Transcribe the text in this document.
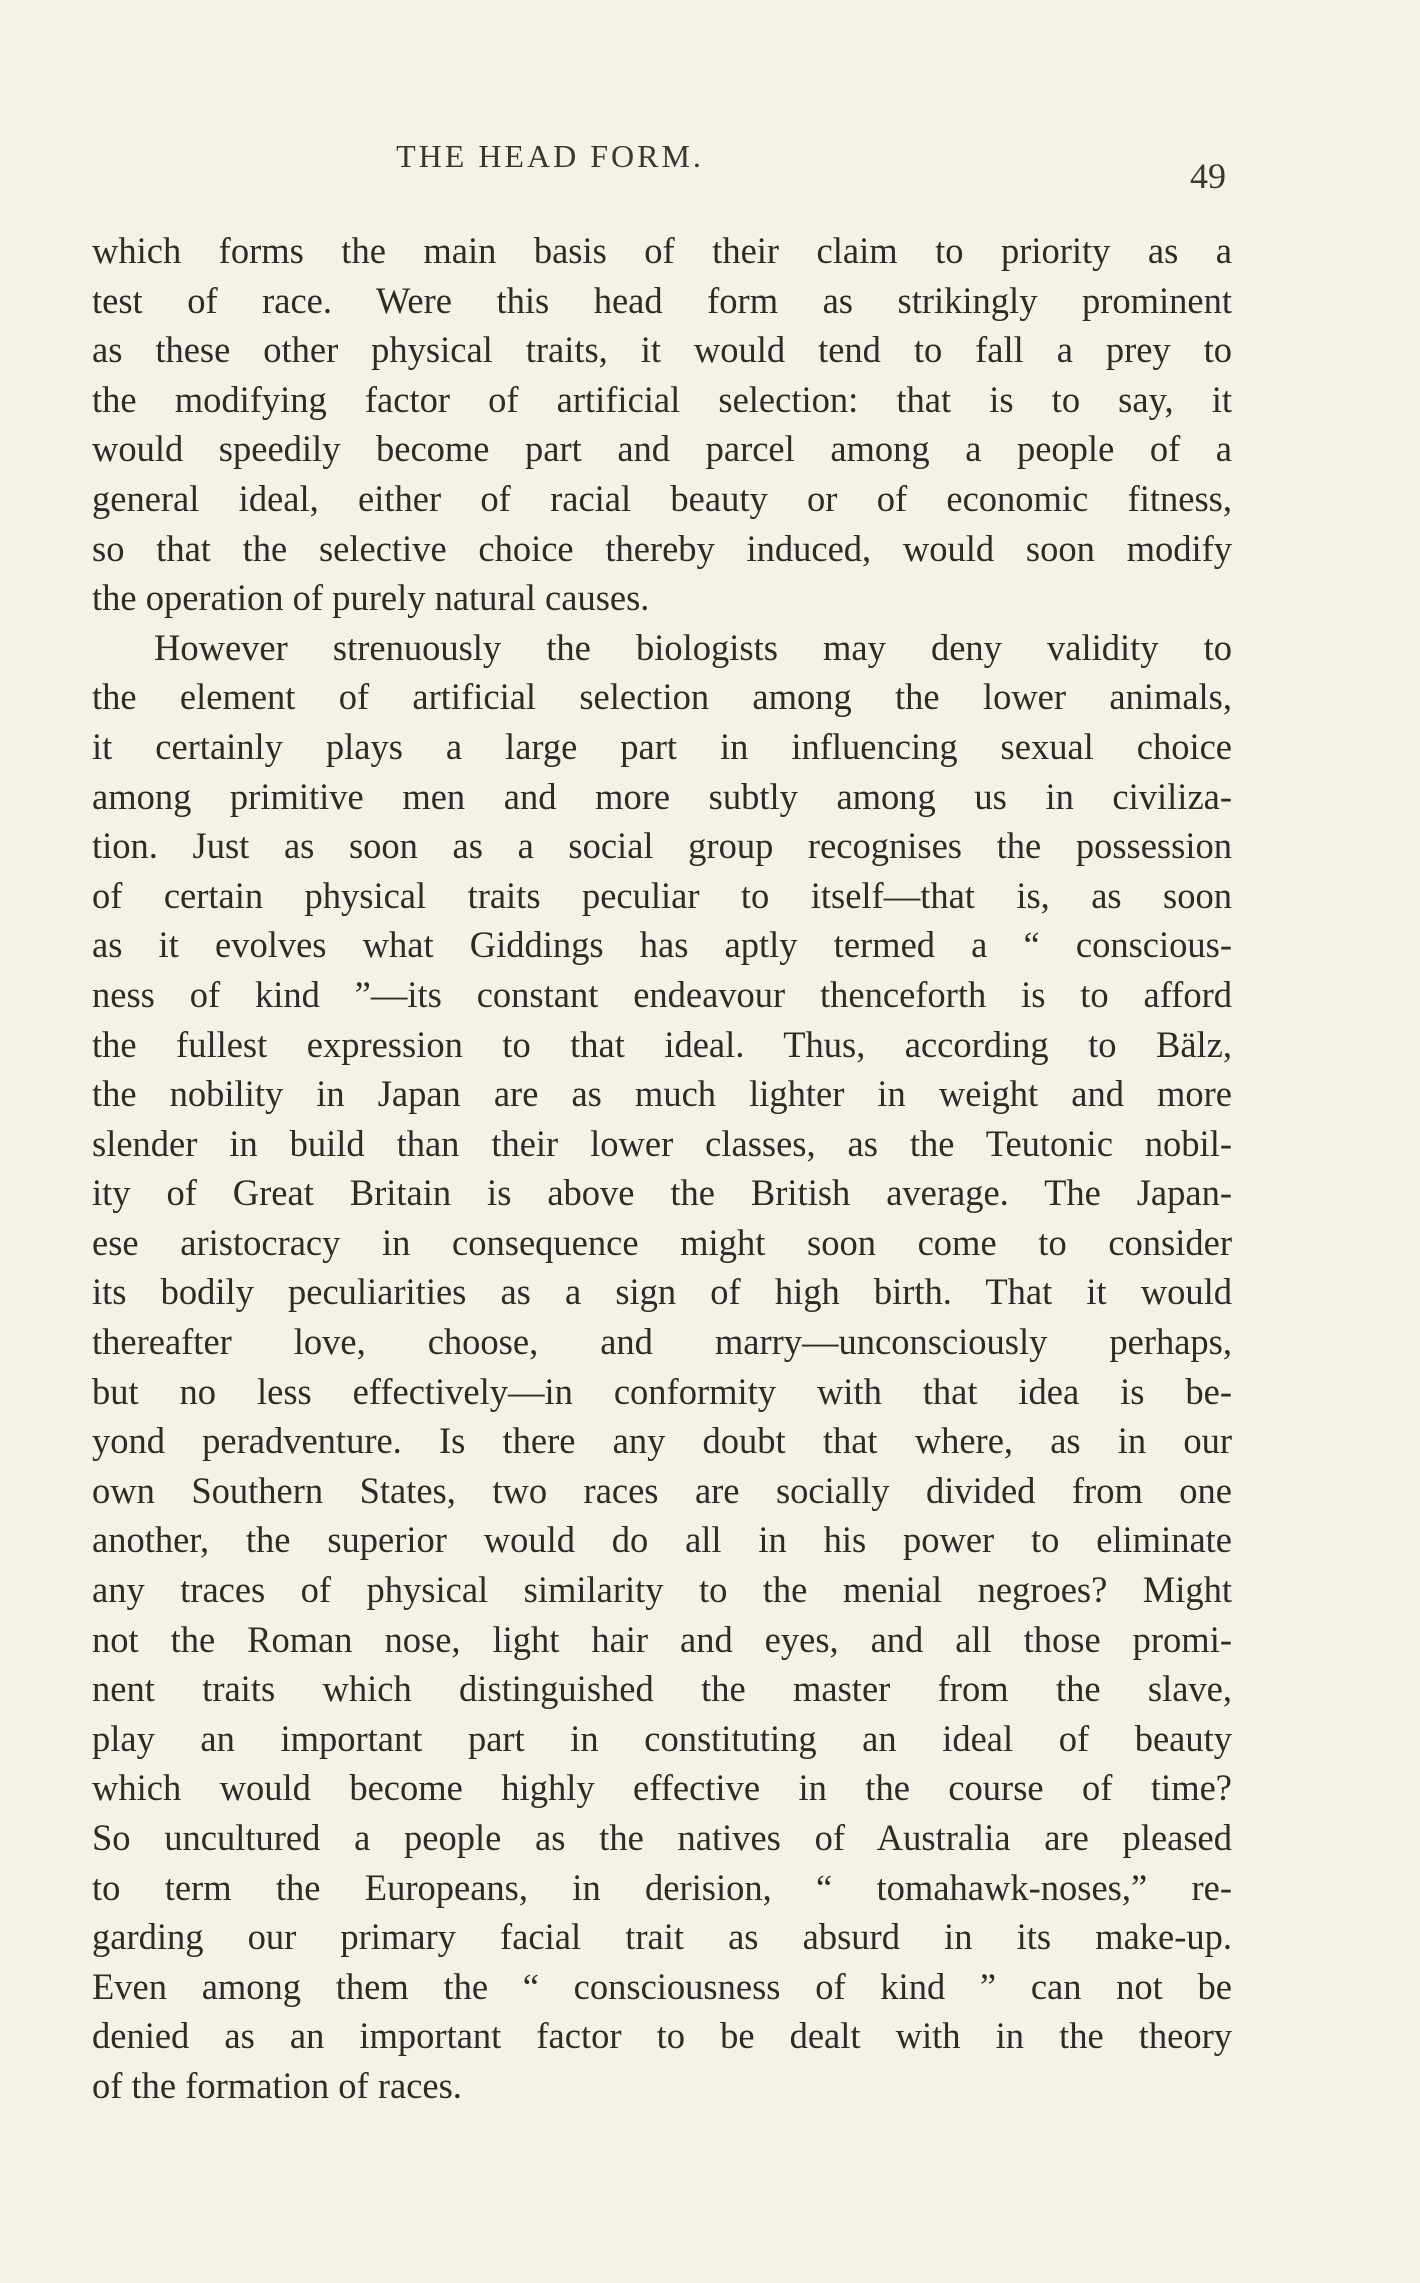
THE HEAD FORM.	49
which forms the main basis of their claim to priority as a
test of race. Were this head form as strikingly prominent
as these other physical traits, it would tend to fall a prey to
the modifying factor of artificial selection: that is to say, it
would speedily become part and parcel among a people of a
general ideal, either of racial beauty or of economic fitness,
so that the selective choice thereby induced, would soon modify
the operation of purely natural causes.
However strenuously the biologists may deny validity to
the element of artificial selection among the lower animals,
it certainly plays a large part in influencing sexual choice
among primitive men and more subtly among us in civiliza-
tion. Just as soon as a social group recognises the possession
of certain physical traits peculiar to itself—that is, as soon
as it evolves what Giddings has aptly termed a “ conscious-
ness of kind ”—its constant endeavour thenceforth is to afford
the fullest expression to that ideal. Thus, according to Bälz,
the nobility in Japan are as much lighter in weight and more
slender in build than their lower classes, as the Teutonic nobil-
ity of Great Britain is above the British average. The Japan-
ese aristocracy in consequence might soon come to consider
its bodily peculiarities as a sign of high birth. That it would
thereafter love, choose, and marry—unconsciously perhaps,
but no less effectively—in conformity with that idea is be-
yond peradventure. Is there any doubt that where, as in our
own Southern States, two races are socially divided from one
another, the superior would do all in his power to eliminate
any traces of physical similarity to the menial negroes? Might
not the Roman nose, light hair and eyes, and all those promi-
nent traits which distinguished the master from the slave,
play an important part in constituting an ideal of beauty
which would become highly effective in the course of time?
So uncultured a people as the natives of Australia are pleased
to term the Europeans, in derision, “ tomahawk-noses,” re-
garding our primary facial trait as absurd in its make-up.
Even among them the “ consciousness of kind ” can not be
denied as an important factor to be dealt with in the theory
of the formation of races.
